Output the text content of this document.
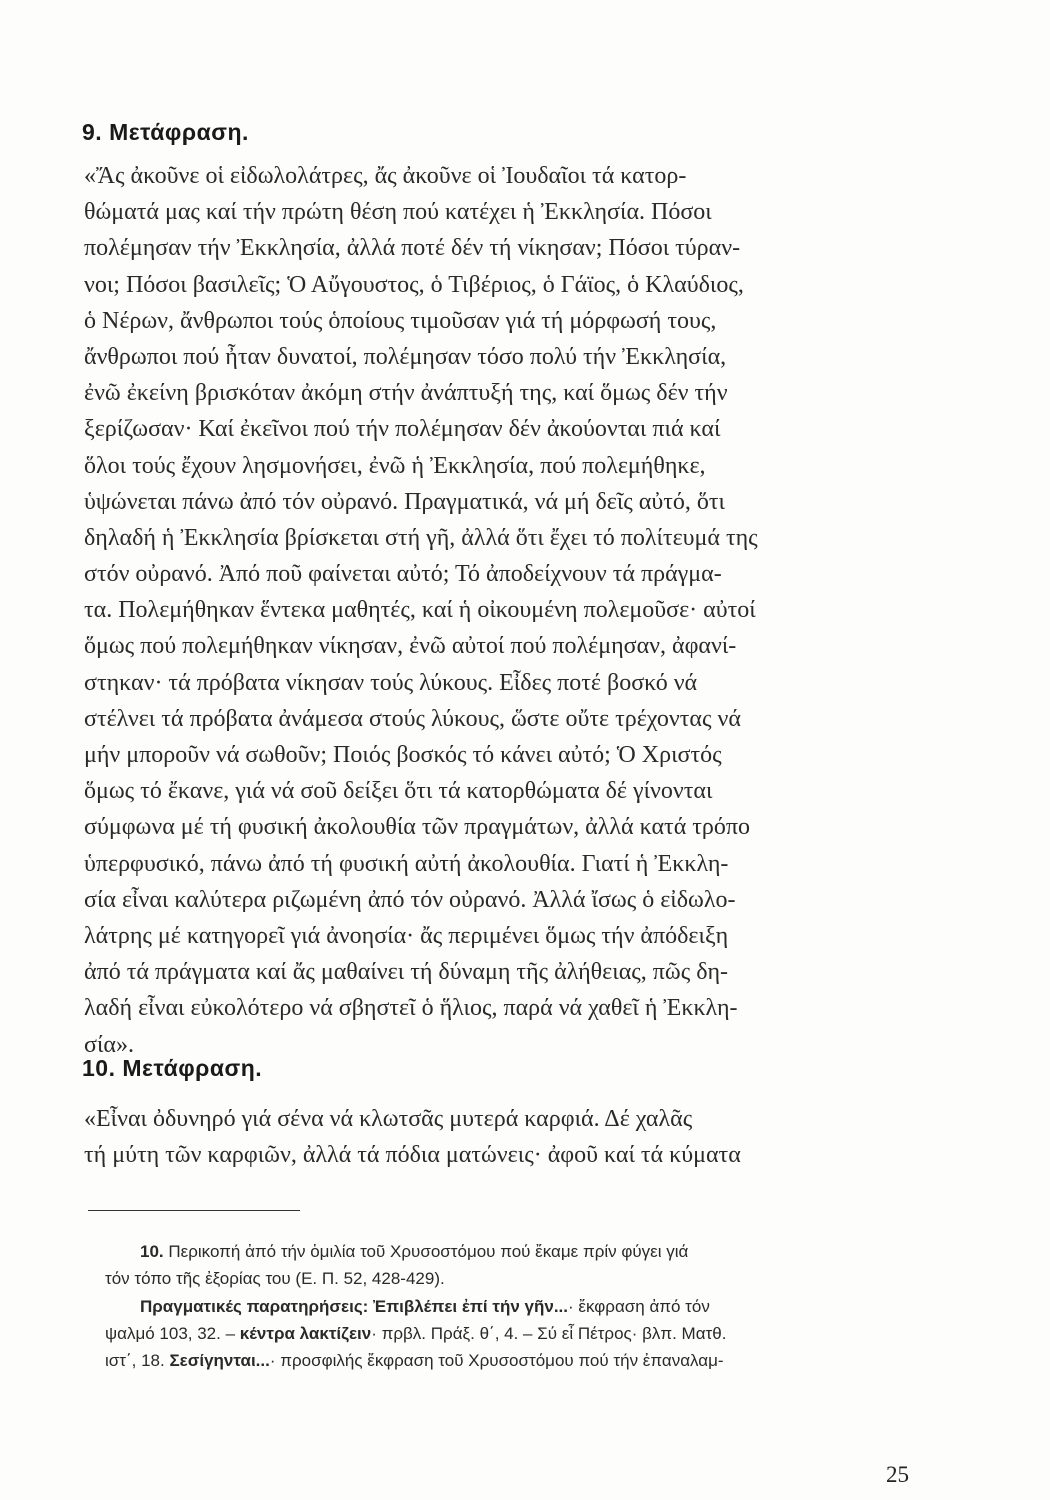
9. Μετάφραση.
«Ἄς ἀκοῦνε οἱ εἰδωλολάτρες, ἄς ἀκοῦνε οἱ Ἰουδαῖοι τά κατορ-
θώματά μας καί τήν πρώτη θέση πού κατέχει ἡ Ἐκκλησία. Πόσοι
πολέμησαν τήν Ἐκκλησία, ἀλλά ποτέ δέν τή νίκησαν; Πόσοι τύραν-
νοι; Πόσοι βασιλεῖς; Ὁ Αὔγουστος, ὁ Τιβέριος, ὁ Γάϊος, ὁ Κλαύδιος,
ὁ Νέρων, ἄνθρωποι τούς ὁποίους τιμοῦσαν γιά τή μόρφωσή τους,
ἄνθρωποι πού ἦταν δυνατοί, πολέμησαν τόσο πολύ τήν Ἐκκλησία,
ἐνῶ ἐκείνη βρισκόταν ἀκόμη στήν ἀνάπτυξή της, καί ὅμως δέν τήν
ξερίζωσαν· Καί ἐκεῖνοι πού τήν πολέμησαν δέν ἀκούονται πιά καί
ὅλοι τούς ἔχουν λησμονήσει, ἐνῶ ἡ Ἐκκλησία, πού πολεμήθηκε,
ὑψώνεται πάνω ἀπό τόν οὐρανό. Πραγματικά, νά μή δεῖς αὐτό, ὅτι
δηλαδή ἡ Ἐκκλησία βρίσκεται στή γῆ, ἀλλά ὅτι ἔχει τό πολίτευμά της
στόν οὐρανό. Ἀπό ποῦ φαίνεται αὐτό; Τό ἀποδείχνουν τά πράγμα-
τα. Πολεμήθηκαν ἕντεκα μαθητές, καί ἡ οἰκουμένη πολεμοῦσε· αὐτοί
ὅμως πού πολεμήθηκαν νίκησαν, ἐνῶ αὐτοί πού πολέμησαν, ἀφανί-
στηκαν· τά πρόβατα νίκησαν τούς λύκους. Εἶδες ποτέ βοσκό νά
στέλνει τά πρόβατα ἀνάμεσα στούς λύκους, ὥστε οὔτε τρέχοντας νά
μήν μποροῦν νά σωθοῦν; Ποιός βοσκός τό κάνει αὐτό; Ὁ Χριστός
ὅμως τό ἔκανε, γιά νά σοῦ δείξει ὅτι τά κατορθώματα δέ γίνονται
σύμφωνα μέ τή φυσική ἀκολουθία τῶν πραγμάτων, ἀλλά κατά τρόπο
ὑπερφυσικό, πάνω ἀπό τή φυσική αὐτή ἀκολουθία. Γιατί ἡ Ἐκκλη-
σία εἶναι καλύτερα ριζωμένη ἀπό τόν οὐρανό. Ἀλλά ἴσως ὁ εἰδωλο-
λάτρης μέ κατηγορεῖ γιά ἀνοησία· ἄς περιμένει ὅμως τήν ἀπόδειξη
ἀπό τά πράγματα καί ἄς μαθαίνει τή δύναμη τῆς ἀλήθειας, πῶς δη-
λαδή εἶναι εὐκολότερο νά σβηστεῖ ὁ ἥλιος, παρά νά χαθεῖ ἡ Ἐκκλη-
σία».
10. Μετάφραση.
«Εἶναι ὀδυνηρό γιά σένα νά κλωτσᾶς μυτερά καρφιά. Δέ χαλᾶς
τή μύτη τῶν καρφιῶν, ἀλλά τά πόδια ματώνεις· ἀφοῦ καί τά κύματα
10. Περικοπή ἀπό τήν ὁμιλία τοῦ Χρυσοστόμου πού ἔκαμε πρίν φύγει γιά
τόν τόπο τῆς ἐξορίας του (Ε. Π. 52, 428-429).
Πραγματικές παρατηρήσεις: Ἐπιβλέπει ἐπί τήν γῆν...· ἔκφραση ἀπό τόν
ψαλμό 103, 32. – κέντρα λακτίζειν· πρβλ. Πράξ. θ΄, 4. – Σύ εἶ Πέτρος· βλπ. Ματθ.
ιστ΄, 18. Σεσίγηνται...· προσφιλής ἔκφραση τοῦ Χρυσοστόμου πού τήν ἐπαναλαμ-
25
